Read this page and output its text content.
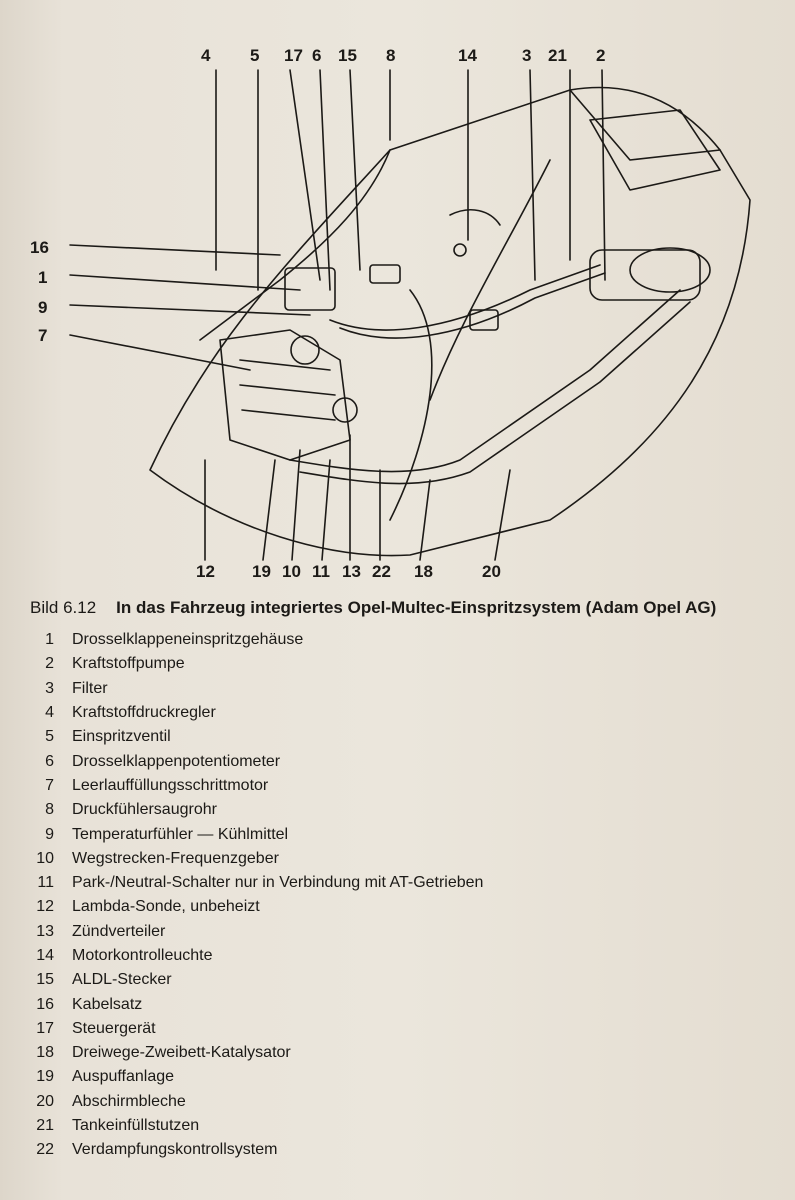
4 5 17 6 15 8	14	3 21 2
16
1
9
7
12 19 10 11 13 22 18	20
Bild 6.12 In das Fahrzeug integriertes Opel-Multec-Einspritzsystem (Adam Opel AG)
1 Drosselklappeneinspritzgehäuse
2 Kraftstoffpumpe
3 Filter
4 Kraftstoffdruckregler
5 Einspritzventil
6 Drosselklappenpotentiometer
7 Leerlauffüllungsschrittmotor
8 Druckfühlersaugrohr
9 Temperaturfühler — Kühlmittel
10 Wegstrecken-Frequenzgeber
11 Park-/Neutral-Schalter nur in Verbindung mit AT-Getrieben
12 Lambda-Sonde, unbeheizt
13 Zündverteiler
14 Motorkontrolleuchte
15 ALDL-Stecker
16 Kabelsatz
17 Steuergerät
18 Dreiwege-Zweibett-Katalysator
19 Auspuffanlage
20 Abschirmbleche
21 Tankeinfüllstutzen
22 Verdampfungskontrollsystem
